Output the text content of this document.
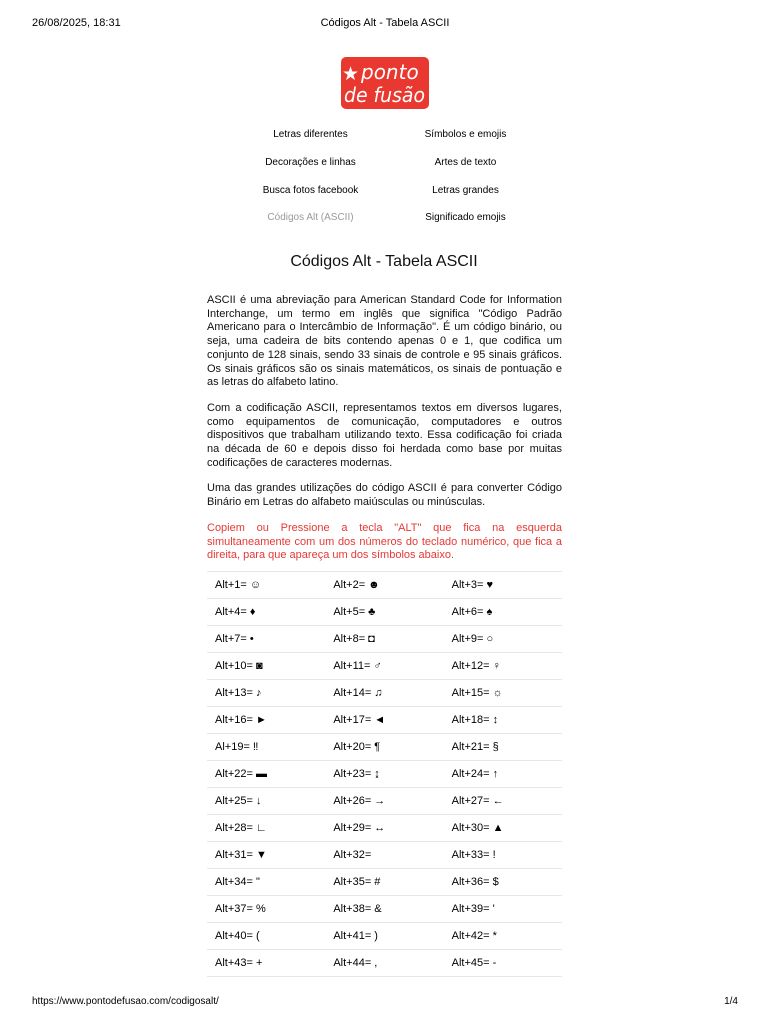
26/08/2025, 18:31	Códigos Alt - Tabela ASCII
★ ponto
de fusão
Letras diferentes	Símbolos e emojis
Decorações e linhas	Artes de texto
Busca fotos facebook	Letras grandes
Códigos Alt (ASCII)	Significado emojis
Códigos Alt - Tabela ASCII

ASCII é uma abreviação para American Standard Code for Information Interchange, um termo em inglês que significa "Código Padrão Americano para o Intercâmbio de Informação". É um código binário, ou seja, uma cadeira de bits contendo apenas 0 e 1, que codifica um conjunto de 128 sinais, sendo 33 sinais de controle e 95 sinais gráficos. Os sinais gráficos são os sinais matemáticos, os sinais de pontuação e as letras do alfabeto latino.

Com a codificação ASCII, representamos textos em diversos lugares, como equipamentos de comunicação, computadores e outros dispositivos que trabalham utilizando texto. Essa codificação foi criada na década de 60 e depois disso foi herdada como base por muitas codificações de caracteres modernas.

Uma das grandes utilizações do código ASCII é para converter Código Binário em Letras do alfabeto maiúsculas ou minúsculas.

Copiem ou Pressione a tecla "ALT" que fica na esquerda simultaneamente com um dos números do teclado numérico, que fica a direita, para que apareça um dos símbolos abaixo.

Alt+1= ☺	Alt+2= ☻	Alt+3= ♥
Alt+4= ♦	Alt+5= ♣	Alt+6= ♠
Alt+7= •	Alt+8= ◘	Alt+9= ○
Alt+10= ◙	Alt+11= ♂	Alt+12= ♀
Alt+13= ♪	Alt+14= ♫	Alt+15= ☼
Alt+16= ►	Alt+17= ◄	Alt+18= ↕
Al+19= ‼	Alt+20= ¶	Alt+21= §
Alt+22= ▬	Alt+23= ↨	Alt+24= ↑
Alt+25= ↓	Alt+26= →	Alt+27= ←
Alt+28= ∟	Alt+29= ↔	Alt+30= ▲
Alt+31= ▼	Alt+32=	Alt+33= !
Alt+34= "	Alt+35= #	Alt+36= $
Alt+37= %	Alt+38= &	Alt+39= '
Alt+40= (	Alt+41= )	Alt+42= *
Alt+43= +	Alt+44= ,	Alt+45= -
https://www.pontodefusao.com/codigosalt/	1/4
